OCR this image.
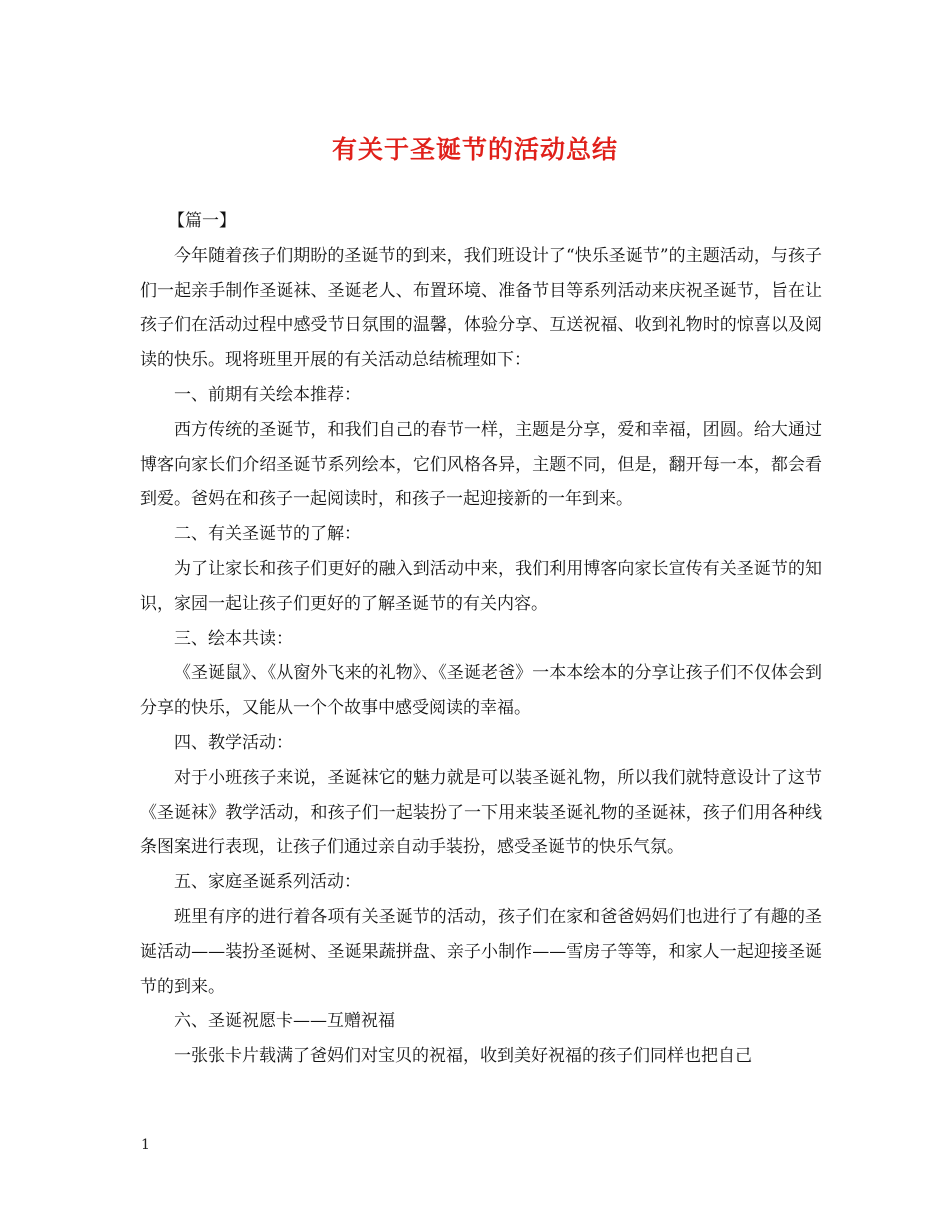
有关于圣诞节的活动总结

【篇一】

今年随着孩子们期盼的圣诞节的到来，我们班设计了“快乐圣诞节”的主题活动，与孩子们一起亲手制作圣诞袜、圣诞老人、布置环境、准备节目等系列活动来庆祝圣诞节，旨在让孩子们在活动过程中感受节日氛围的温馨，体验分享、互送祝福、收到礼物时的惊喜以及阅读的快乐。现将班里开展的有关活动总结梳理如下：

一、前期有关绘本推荐：

西方传统的圣诞节，和我们自己的春节一样，主题是分享，爱和幸福，团圆。给大通过博客向家长们介绍圣诞节系列绘本，它们风格各异，主题不同，但是，翻开每一本，都会看到爱。爸妈在和孩子一起阅读时，和孩子一起迎接新的一年到来。

二、有关圣诞节的了解：

为了让家长和孩子们更好的融入到活动中来，我们利用博客向家长宣传有关圣诞节的知识，家园一起让孩子们更好的了解圣诞节的有关内容。

三、绘本共读：

《圣诞鼠》、《从窗外飞来的礼物》、《圣诞老爸》一本本绘本的分享让孩子们不仅体会到分享的快乐，又能从一个个故事中感受阅读的幸福。

四、教学活动：

对于小班孩子来说，圣诞袜它的魅力就是可以装圣诞礼物，所以我们就特意设计了这节《圣诞袜》教学活动，和孩子们一起装扮了一下用来装圣诞礼物的圣诞袜，孩子们用各种线条图案进行表现，让孩子们通过亲自动手装扮，感受圣诞节的快乐气氛。

五、家庭圣诞系列活动：

班里有序的进行着各项有关圣诞节的活动，孩子们在家和爸爸妈妈们也进行了有趣的圣诞活动——装扮圣诞树、圣诞果蔬拼盘、亲子小制作——雪房子等等，和家人一起迎接圣诞节的到来。

六、圣诞祝愿卡——互赠祝福

一张张卡片载满了爸妈们对宝贝的祝福，收到美好祝福的孩子们同样也把自己

1
